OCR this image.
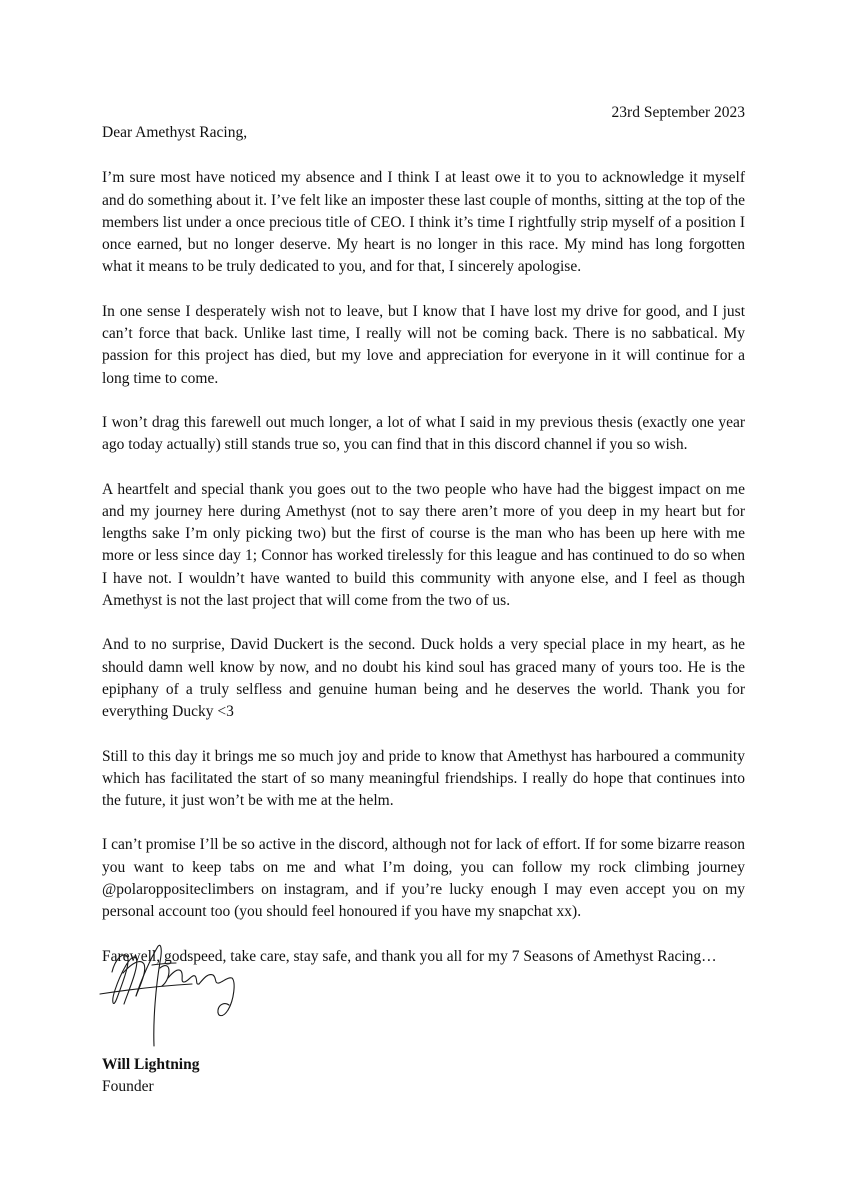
23rd September 2023
Dear Amethyst Racing,

I’m sure most have noticed my absence and I think I at least owe it to you to acknowledge it myself and do something about it. I’ve felt like an imposter these last couple of months, sitting at the top of the members list under a once precious title of CEO. I think it’s time I rightfully strip myself of a position I once earned, but no longer deserve. My heart is no longer in this race. My mind has long forgotten what it means to be truly dedicated to you, and for that, I sincerely apologise.

In one sense I desperately wish not to leave, but I know that I have lost my drive for good, and I just can’t force that back. Unlike last time, I really will not be coming back. There is no sabbatical. My passion for this project has died, but my love and appreciation for everyone in it will continue for a long time to come.

I won’t drag this farewell out much longer, a lot of what I said in my previous thesis (exactly one year ago today actually) still stands true so, you can find that in this discord channel if you so wish.

A heartfelt and special thank you goes out to the two people who have had the biggest impact on me and my journey here during Amethyst (not to say there aren’t more of you deep in my heart but for lengths sake I’m only picking two) but the first of course is the man who has been up here with me more or less since day 1; Connor has worked tirelessly for this league and has continued to do so when I have not. I wouldn’t have wanted to build this community with anyone else, and I feel as though Amethyst is not the last project that will come from the two of us.

And to no surprise, David Duckert is the second. Duck holds a very special place in my heart, as he should damn well know by now, and no doubt his kind soul has graced many of yours too. He is the epiphany of a truly selfless and genuine human being and he deserves the world. Thank you for everything Ducky <3

Still to this day it brings me so much joy and pride to know that Amethyst has harboured a community which has facilitated the start of so many meaningful friendships. I really do hope that continues into the future, it just won’t be with me at the helm.

I can’t promise I’ll be so active in the discord, although not for lack of effort. If for some bizarre reason you want to keep tabs on me and what I’m doing, you can follow my rock climbing journey @polaroppositeclimbers on instagram, and if you’re lucky enough I may even accept you on my personal account too (you should feel honoured if you have my snapchat xx).

Farewell, godspeed, take care, stay safe, and thank you all for my 7 Seasons of Amethyst Racing…

Will Lightning
Founder
